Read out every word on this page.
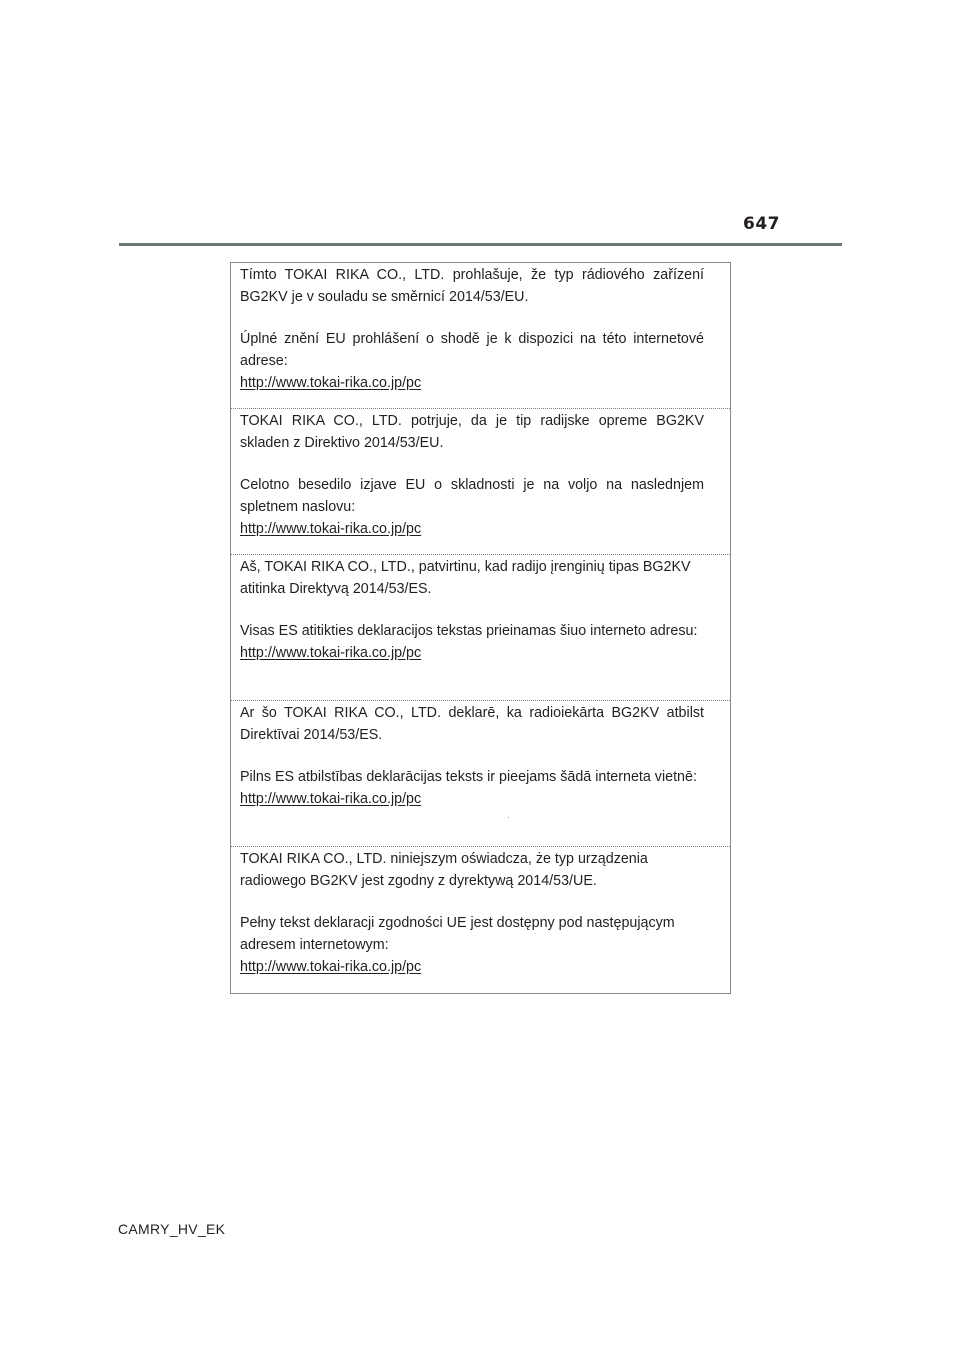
647

Tímto TOKAI RIKA CO., LTD. prohlašuje, že typ rádiového zařízení BG2KV je v souladu se směrnicí 2014/53/EU.

Úplné znění EU prohlášení o shodě je k dispozici na této internetové adrese:

http://www.tokai-rika.co.jp/pc

TOKAI RIKA CO., LTD. potrjuje, da je tip radijske opreme BG2KV skladen z Direktivo 2014/53/EU.

Celotno besedilo izjave EU o skladnosti je na voljo na naslednjem spletnem naslovu:

http://www.tokai-rika.co.jp/pc

Aš, TOKAI RIKA CO., LTD., patvirtinu, kad radijo įrenginių tipas BG2KV atitinka Direktyvą 2014/53/ES.

Visas ES atitikties deklaracijos tekstas prieinamas šiuo interneto adresu:

http://www.tokai-rika.co.jp/pc

Ar šo TOKAI RIKA CO., LTD. deklarē, ka radioiekārta BG2KV atbilst Direktīvai 2014/53/ES.

Pilns ES atbilstības deklarācijas teksts ir pieejams šādā interneta vietnē:

http://www.tokai-rika.co.jp/pc

TOKAI RIKA CO., LTD. niniejszym oświadcza, że typ urządzenia radiowego BG2KV jest zgodny z dyrektywą 2014/53/UE.

Pełny tekst deklaracji zgodności UE jest dostępny pod następującym adresem internetowym:

http://www.tokai-rika.co.jp/pc
CAMRY_HV_EK
